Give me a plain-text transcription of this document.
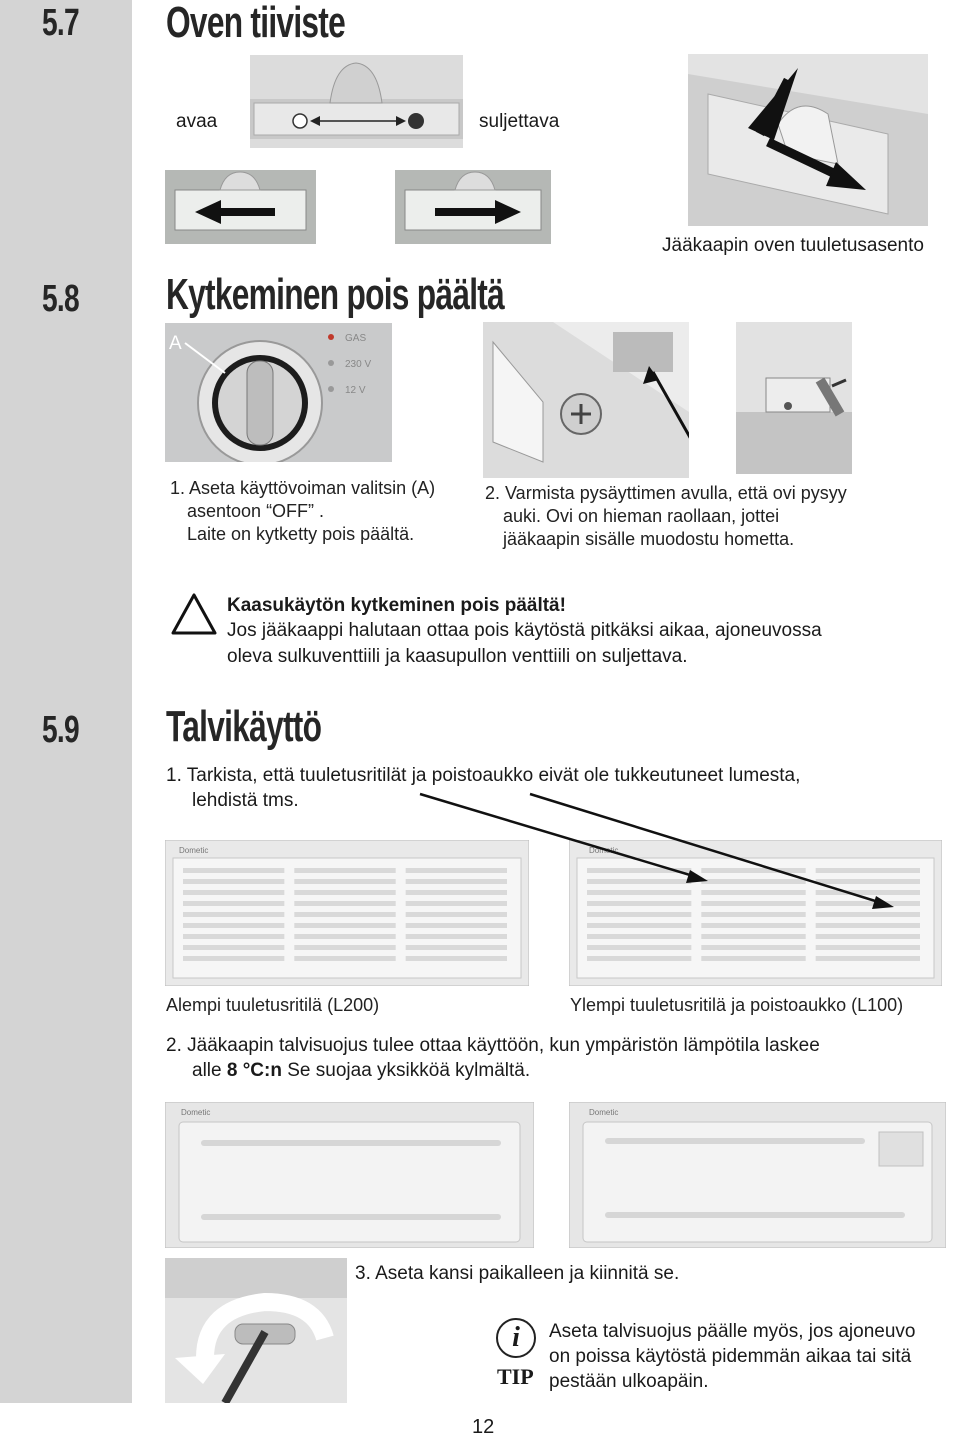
5.7 Oven tiiviste
avaa	suljettava
Jääkaapin oven tuuletusasento
5.8 Kytkeminen pois päältä
GAS
230 V
12 V
A
1. Aseta käyttövoiman valitsin (A)
asentoon “OFF” .
Laite on kytketty pois päältä.
2. Varmista pysäyttimen avulla, että ovi pysyy
auki. Ovi on hieman raollaan, jottei
jääkaapin sisälle muodostu hometta.
Kaasukäytön kytkeminen pois päältä!
Jos jääkaappi halutaan ottaa pois käytöstä pitkäksi aikaa, ajoneuvossa
oleva sulkuventtiili ja kaasupullon venttiili on suljettava.
5.9 Talvikäyttö
1. Tarkista, että tuuletusritilät ja poistoaukko eivät ole tukkeutuneet lumesta,
lehdistä tms.
Dometic	Dometic
Alempi tuuletusritilä (L200)	Ylempi tuuletusritilä ja poistoaukko (L100)
2. Jääkaapin talvisuojus tulee ottaa käyttöön, kun ympäristön lämpötila laskee
alle 8 °C:n Se suojaa yksikköä kylmältä.
Dometic	Dometic
3. Aseta kansi paikalleen ja kiinnitä se.
i
TIP
Aseta talvisuojus päälle myös, jos ajoneuvo
on poissa käytöstä pidemmän aikaa tai sitä
pestään ulkoapäin.
12
